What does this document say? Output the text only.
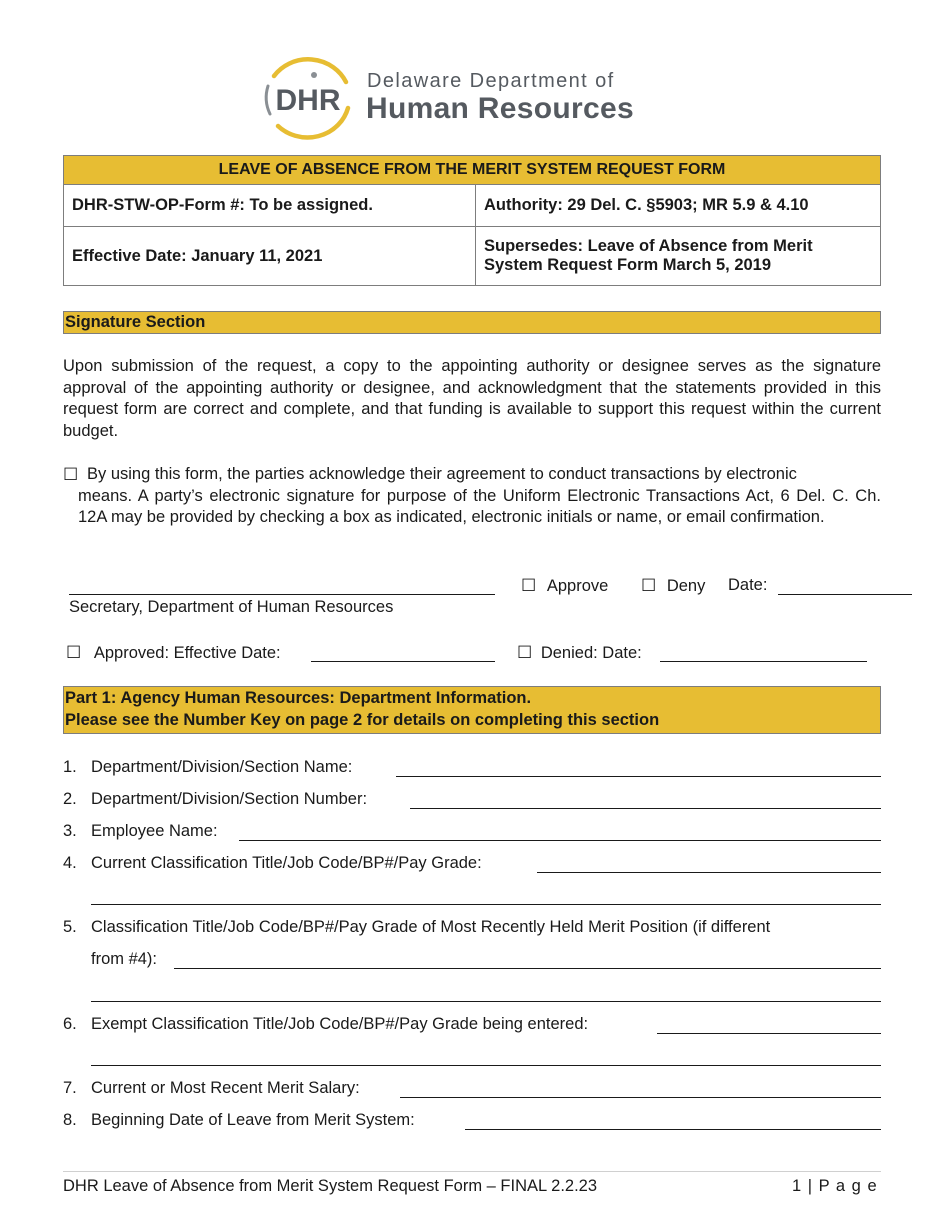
DHR
Delaware Department of
Human Resources
LEAVE OF ABSENCE FROM THE MERIT SYSTEM REQUEST FORM	
DHR-STW-OP-Form #: To be assigned.	Authority: 29 Del. C. §5903; MR 5.9 & 4.10
Effective Date: January 11, 2021	Supersedes: Leave of Absence from Merit
System Request Form March 5, 2019
Signature Section
Upon submission of the request, a copy to the appointing authority or designee serves as the signature approval of the appointing authority or designee, and acknowledgment that the statements provided in this request form are correct and complete, and that funding is available to support this request within the current budget.
☐ By using this form, the parties acknowledge their agreement to conduct transactions by electronic
means. A party’s electronic signature for purpose of the Uniform Electronic Transactions Act, 6 Del. C. Ch. 12A may be provided by checking a box as indicated, electronic initials or name, or email confirmation.
☐ Approve ☐ Deny Date:
Secretary, Department of Human Resources
☐ Approved: Effective Date:	☐ Denied: Date:
Part 1: Agency Human Resources: Department Information.
Please see the Number Key on page 2 for details on completing this section
1. Department/Division/Section Name:
2. Department/Division/Section Number:
3. Employee Name:
4. Current Classification Title/Job Code/BP#/Pay Grade:
5. Classification Title/Job Code/BP#/Pay Grade of Most Recently Held Merit Position (if different
from #4):
6. Exempt Classification Title/Job Code/BP#/Pay Grade being entered:
7. Current or Most Recent Merit Salary:
8. Beginning Date of Leave from Merit System:
DHR Leave of Absence from Merit System Request Form – FINAL 2.2.23	1 | P a g e
